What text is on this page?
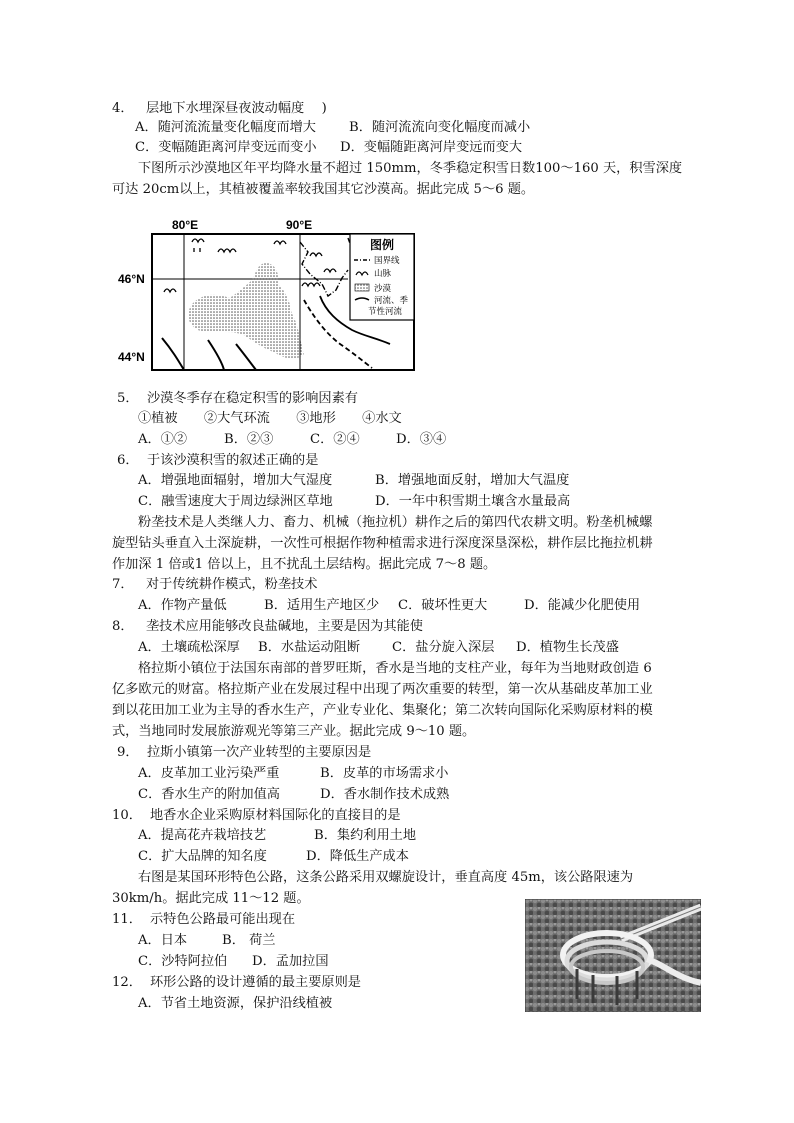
4． 层地下水埋深昼夜波动幅度　 )
A．随河流流量变化幅度而增大	B．随河流流向变化幅度而减小
C．变幅随距离河岸变远而变小 D．变幅随距离河岸变远而变大
下图所示沙漠地区年平均降水量不超过 150mm，冬季稳定积雪日数100～160 天，积雪深度
可达 20cm以上，其植被覆盖率较我国其它沙漠高。据此完成 5～6 题。
80°E	90°E
46°N
44°N
图例
国界线
山脉
沙漠
河流、季
节性河流
5． 沙漠冬季存在稳定积雪的影响因素有
①植被　　②大气环流　　③地形　　④水文
A．①②	B．②③	C．②④	D．③④
6． 于该沙漠积雪的叙述正确的是
A．增强地面辐射，增加大气湿度	B．增强地面反射，增加大气温度
C．融雪速度大于周边绿洲区草地	D．一年中积雪期土壤含水量最高
粉垄技术是人类继人力、畜力、机械（拖拉机）耕作之后的第四代农耕文明。粉垄机械螺
旋型钻头垂直入土深旋耕，一次性可根据作物种植需求进行深度深垦深松，耕作层比拖拉机耕
作加深 1 倍或1 倍以上，且不扰乱土层结构。据此完成 7～8 题。
7． 对于传统耕作模式，粉垄技术
A．作物产量低	B．适用生产地区少 C．破坏性更大	D．能减少化肥使用
8． 垄技术应用能够改良盐碱地，主要是因为其能使
A．土壤疏松深厚 B．水盐运动阻断 C．盐分旋入深层 D．植物生长茂盛
格拉斯小镇位于法国东南部的普罗旺斯，香水是当地的支柱产业，每年为当地财政创造 6
亿多欧元的财富。格拉斯产业在发展过程中出现了两次重要的转型，第一次从基础皮革加工业
到以花田加工业为主导的香水生产，产业专业化、集聚化；第二次转向国际化采购原材料的模
式，当地同时发展旅游观光等第三产业。据此完成 9～10 题。
9． 拉斯小镇第一次产业转型的主要原因是
A．皮革加工业污染严重	B．皮革的市场需求小
C．香水生产的附加值高	D．香水制作技术成熟
10． 地香水企业采购原材料国际化的直接目的是
A．提高花卉栽培技艺	B．集约利用土地
C．扩大品牌的知名度	D．降低生产成本
右图是某国环形特色公路，这条公路采用双螺旋设计，垂直高度 45m，该公路限速为
30km/h。据此完成 11～12 题。
11． 示特色公路最可能出现在
A．日本	B． 荷兰
C．沙特阿拉伯 D．孟加拉国
12． 环形公路的设计遵循的最主要原则是
A．节省土地资源，保护沿线植被
